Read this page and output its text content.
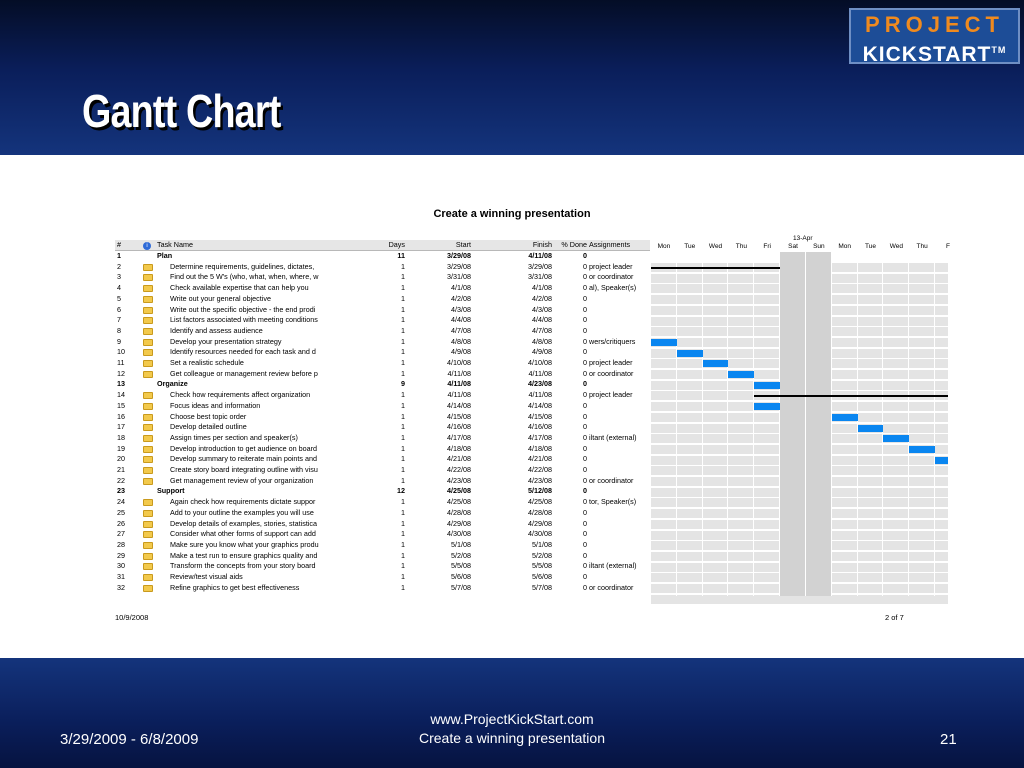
Gantt Chart
PROJECT
KICKSTART™
Create a winning presentation
#	i	Task Name	Days	Start	Finish	% Done Assignments
1	Plan	11	3/29/08	4/11/08	0
2	Determine requirements, guidelines, dictates,	1	3/29/08	3/29/08	0 project leader
3	Find out the 5 W's (who, what, when, where, w	1	3/31/08	3/31/08	0 or coordinator
4	Check available expertise that can help you	1	4/1/08	4/1/08	0 al), Speaker(s)
5	Write out your general objective	1	4/2/08	4/2/08	0
6	Write out the specific objective - the end prodi	1	4/3/08	4/3/08	0
7	List factors associated with meeting conditions	1	4/4/08	4/4/08	0
8	Identify and assess audience	1	4/7/08	4/7/08	0
9	Develop your presentation strategy	1	4/8/08	4/8/08	0 wers/critiquers
10	Identify resources needed for each task and d	1	4/9/08	4/9/08	0
11	Set a realistic schedule	1	4/10/08	4/10/08	0 project leader
12	Get colleague or management review before p	1	4/11/08	4/11/08	0 or coordinator
13	Organize	9	4/11/08	4/23/08	0
14	Check how requirements affect organization	1	4/11/08	4/11/08	0 project leader
15	Focus ideas and information	1	4/14/08	4/14/08	0
16	Choose best topic order	1	4/15/08	4/15/08	0
17	Develop detailed outline	1	4/16/08	4/16/08	0
18	Assign times per section and speaker(s)	1	4/17/08	4/17/08	0 iltant (external)
19	Develop introduction to get audience on board	1	4/18/08	4/18/08	0
20	Develop summary to reiterate main points and	1	4/21/08	4/21/08	0
21	Create story board integrating outline with visu	1	4/22/08	4/22/08	0
22	Get management review of your organization	1	4/23/08	4/23/08	0 or coordinator
23	Support	12	4/25/08	5/12/08	0
24	Again check how requirements dictate suppor	1	4/25/08	4/25/08	0 tor, Speaker(s)
25	Add to your outline the examples you will use	1	4/28/08	4/28/08	0
26	Develop details of examples, stories, statistica	1	4/29/08	4/29/08	0
27	Consider what other forms of support can add	1	4/30/08	4/30/08	0
28	Make sure you know what your graphics produ	1	5/1/08	5/1/08	0
29	Make a test run to ensure graphics quality and	1	5/2/08	5/2/08	0
30	Transform the concepts from your story board	1	5/5/08	5/5/08	0 iltant (external)
31	Review/test visual aids	1	5/6/08	5/6/08	0
32	Refine graphics to get best effectiveness	1	5/7/08	5/7/08	0 or coordinator
13-Apr
Mon	Tue	Wed	Thu	Fri	Sat	Sun	Mon	Tue	Wed	Thu	F
10/9/2008	2 of 7
3/29/2009 - 6/8/2009
www.ProjectKickStart.com
Create a winning presentation	21
